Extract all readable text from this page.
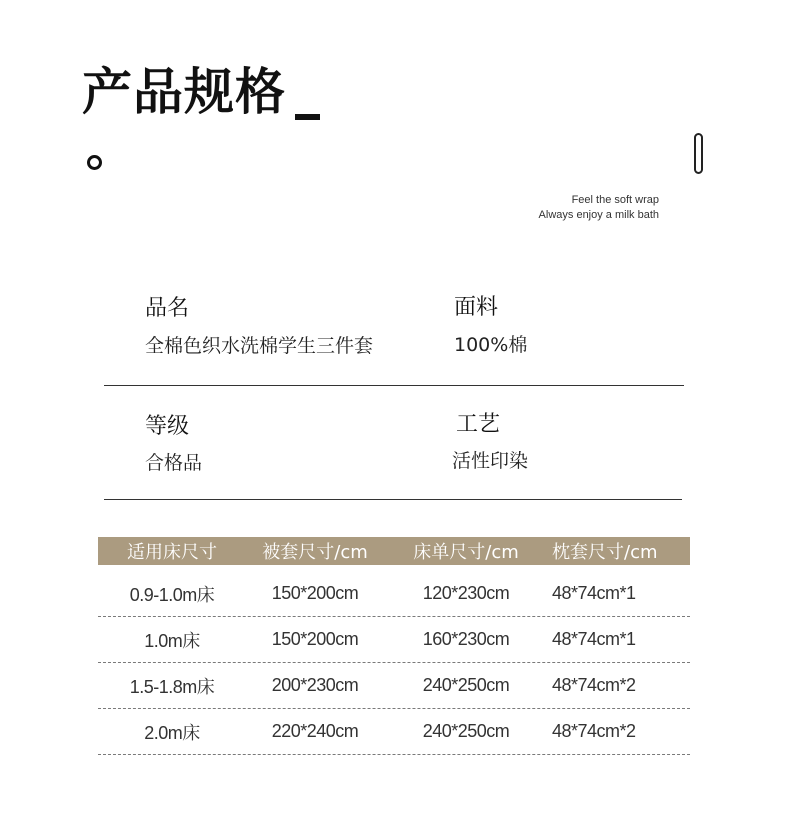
产品规格
Feel the soft wrap
Always enjoy a milk bath
品名
全棉色织水洗棉学生三件套
面料
100%棉
等级
合格品
工艺
活性印染
适用床尺寸	被套尺寸/cm	床单尺寸/cm	枕套尺寸/cm
0.9-1.0m床	150*200cm	120*230cm	48*74cm*1
1.0m床	150*200cm	160*230cm	48*74cm*1
1.5-1.8m床	200*230cm	240*250cm	48*74cm*2
2.0m床	220*240cm	240*250cm	48*74cm*2
